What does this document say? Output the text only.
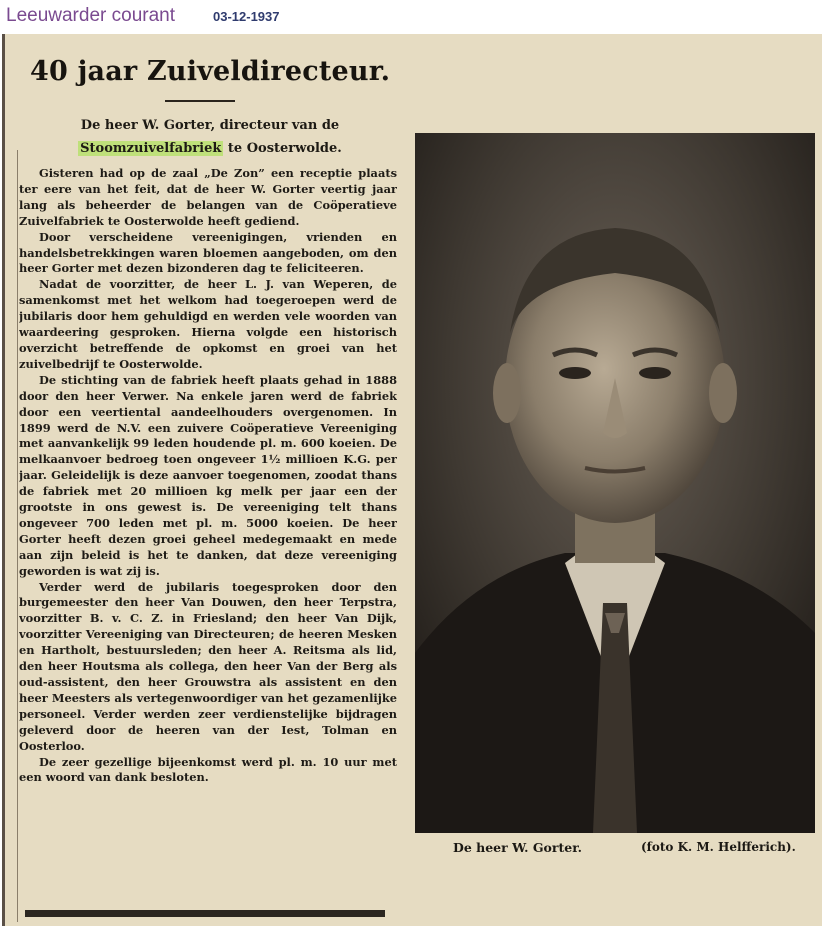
Leeuwarder courant	03-12-1937
40 jaar Zuiveldirecteur.
De heer W. Gorter, directeur van de
Stoomzuivelfabriek te Oosterwolde.

Gisteren had op de zaal „De Zon” een receptie plaats ter eere van het feit, dat de heer W. Gorter veertig jaar lang als beheerder de belangen van de Coöperatieve Zuivelfabriek te Oosterwolde heeft gediend.

Door verscheidene vereenigingen, vrienden en handelsbetrekkingen waren bloemen aangeboden, om den heer Gorter met dezen bizonderen dag te feliciteeren.

Nadat de voorzitter, de heer L. J. van Weperen, de samenkomst met het welkom had toegeroepen werd de jubilaris door hem gehuldigd en werden vele woorden van waardeering gesproken. Hierna volgde een historisch overzicht betreffende de opkomst en groei van het zuivelbedrijf te Oosterwolde.

De stichting van de fabriek heeft plaats gehad in 1888 door den heer Verwer. Na enkele jaren werd de fabriek door een veertiental aandeelhouders overgenomen. In 1899 werd de N.V. een zuivere Coöperatieve Vereeniging met aanvankelijk 99 leden houdende pl. m. 600 koeien. De melkaanvoer bedroeg toen ongeveer 1½ millioen K.G. per jaar. Geleidelijk is deze aanvoer toegenomen, zoodat thans de fabriek met 20 millioen kg melk per jaar een der grootste in ons gewest is. De vereeniging telt thans ongeveer 700 leden met pl. m. 5000 koeien. De heer Gorter heeft dezen groei geheel medegemaakt en mede aan zijn beleid is het te danken, dat deze vereeniging geworden is wat zij is.

Verder werd de jubilaris toegesproken door den burgemeester den heer Van Douwen, den heer Terpstra, voorzitter B. v. C. Z. in Friesland; den heer Van Dijk, voorzitter Vereeniging van Directeuren; de heeren Mesken en Hartholt, bestuursleden; den heer A. Reitsma als lid, den heer Houtsma als collega, den heer Van der Berg als oud-assistent, den heer Grouwstra als assistent en den heer Meesters als vertegenwoordiger van het gezamenlijke personeel. Verder werden zeer verdienstelijke bijdragen geleverd door de heeren van der Iest, Tolman en Oosterloo.

De zeer gezellige bijeenkomst werd pl. m. 10 uur met een woord van dank besloten.

De heer W. Gorter.	(foto K. M. Helfferich).
